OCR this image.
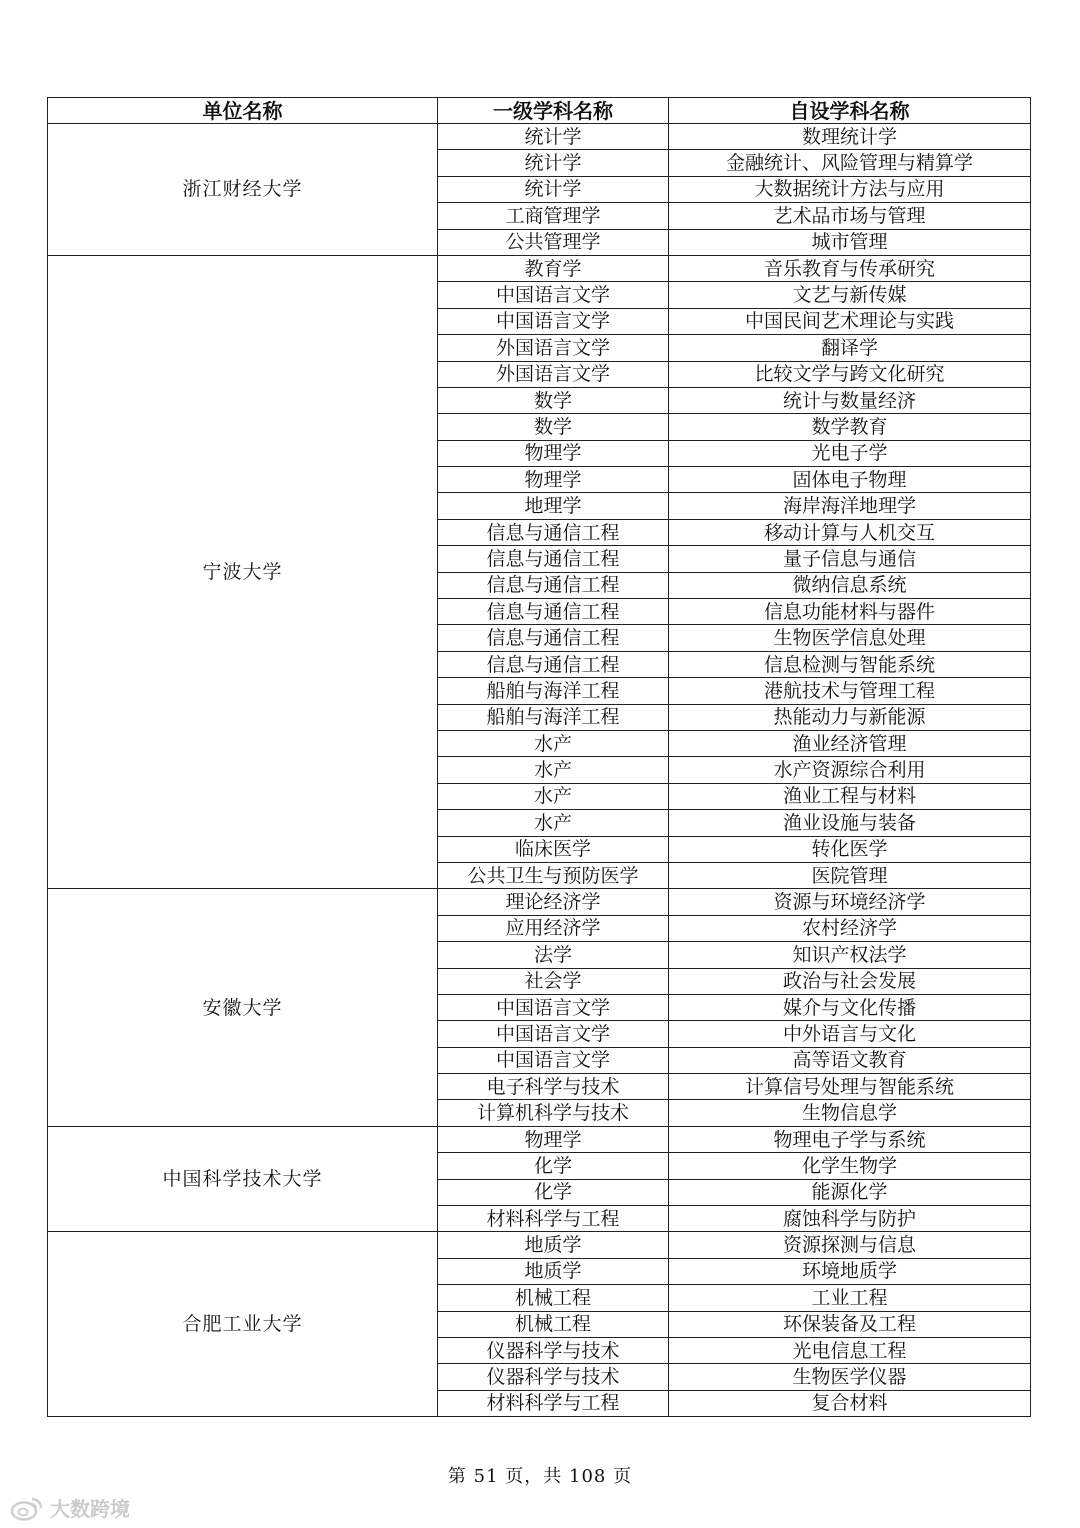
单位名称	一级学科名称	自设学科名称
浙江财经大学	统计学	数理统计学
	统计学	金融统计、风险管理与精算学
	统计学	大数据统计方法与应用
	工商管理学	艺术品市场与管理
	公共管理学	城市管理
宁波大学	教育学	音乐教育与传承研究
	中国语言文学	文艺与新传媒
	中国语言文学	中国民间艺术理论与实践
	外国语言文学	翻译学
	外国语言文学	比较文学与跨文化研究
	数学	统计与数量经济
	数学	数学教育
	物理学	光电子学
	物理学	固体电子物理
	地理学	海岸海洋地理学
	信息与通信工程	移动计算与人机交互
	信息与通信工程	量子信息与通信
	信息与通信工程	微纳信息系统
	信息与通信工程	信息功能材料与器件
	信息与通信工程	生物医学信息处理
	信息与通信工程	信息检测与智能系统
	船舶与海洋工程	港航技术与管理工程
	船舶与海洋工程	热能动力与新能源
	水产	渔业经济管理
	水产	水产资源综合利用
	水产	渔业工程与材料
	水产	渔业设施与装备
	临床医学	转化医学
	公共卫生与预防医学	医院管理
安徽大学	理论经济学	资源与环境经济学
	应用经济学	农村经济学
	法学	知识产权法学
	社会学	政治与社会发展
	中国语言文学	媒介与文化传播
	中国语言文学	中外语言与文化
	中国语言文学	高等语文教育
	电子科学与技术	计算信号处理与智能系统
	计算机科学与技术	生物信息学
中国科学技术大学	物理学	物理电子学与系统
	化学	化学生物学
	化学	能源化学
	材料科学与工程	腐蚀科学与防护
合肥工业大学	地质学	资源探测与信息
	地质学	环境地质学
	机械工程	工业工程
	机械工程	环保装备及工程
	仪器科学与技术	光电信息工程
	仪器科学与技术	生物医学仪器
	材料科学与工程	复合材料
第 51 页，共 108 页
大数跨境
